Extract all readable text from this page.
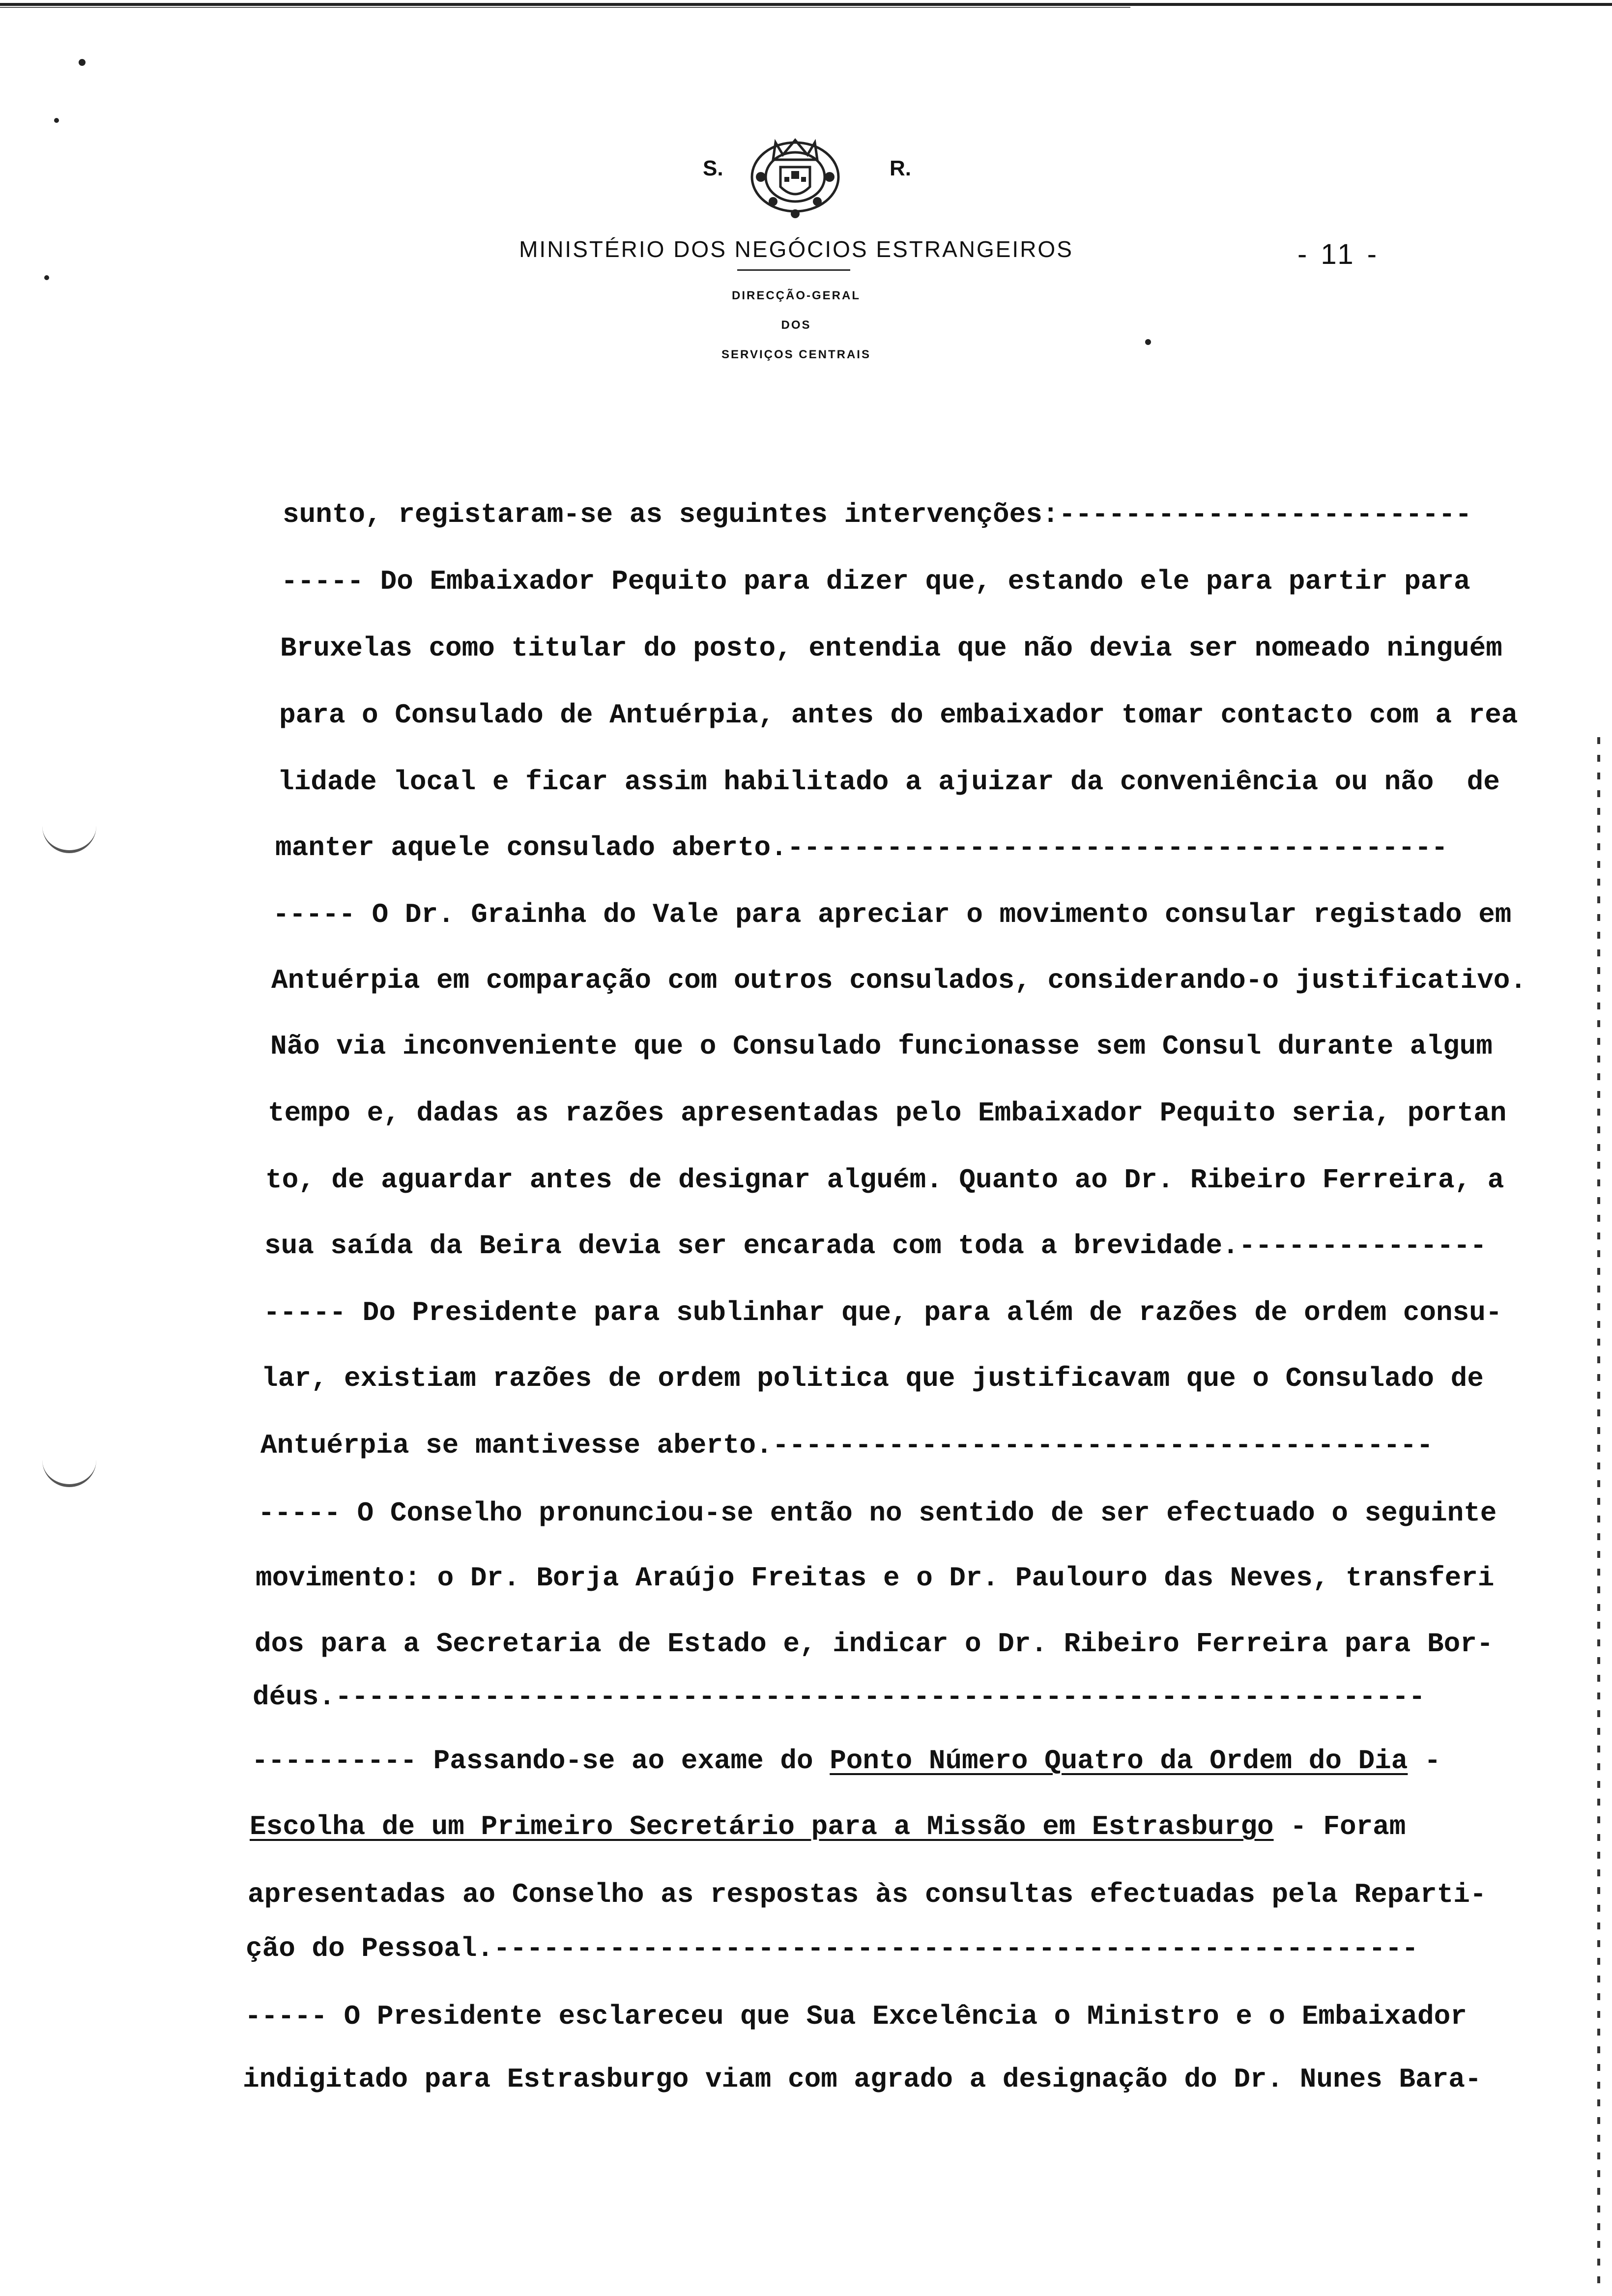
S.	R.
MINISTÉRIO DOS NEGÓCIOS ESTRANGEIROS
DIRECÇÃO-GERAL
DOS
SERVIÇOS CENTRAIS
- 11 -
sunto, registaram-se as seguintes intervenções:-------------------------
----- Do Embaixador Pequito para dizer que, estando ele para partir para
Bruxelas como titular do posto, entendia que não devia ser nomeado ninguém
para o Consulado de Antuérpia, antes do embaixador tomar contacto com a rea
lidade local e ficar assim habilitado a ajuizar da conveniência ou não  de
manter aquele consulado aberto.----------------------------------------
----- O Dr. Grainha do Vale para apreciar o movimento consular registado em
Antuérpia em comparação com outros consulados, considerando-o justificativo.
Não via inconveniente que o Consulado funcionasse sem Consul durante algum
tempo e, dadas as razões apresentadas pelo Embaixador Pequito seria, portan
to, de aguardar antes de designar alguém. Quanto ao Dr. Ribeiro Ferreira, a
sua saída da Beira devia ser encarada com toda a brevidade.---------------
----- Do Presidente para sublinhar que, para além de razões de ordem consu-
lar, existiam razões de ordem politica que justificavam que o Consulado de
Antuérpia se mantivesse aberto.----------------------------------------
----- O Conselho pronunciou-se então no sentido de ser efectuado o seguinte
movimento: o Dr. Borja Araújo Freitas e o Dr. Paulouro das Neves, transferi
dos para a Secretaria de Estado e, indicar o Dr. Ribeiro Ferreira para Bor-
déus.------------------------------------------------------------------
---------- Passando-se ao exame do Ponto Número Quatro da Ordem do Dia -
Escolha de um Primeiro Secretário para a Missão em Estrasburgo - Foram
apresentadas ao Conselho as respostas às consultas efectuadas pela Reparti-
ção do Pessoal.--------------------------------------------------------
----- O Presidente esclareceu que Sua Excelência o Ministro e o Embaixador
indigitado para Estrasburgo viam com agrado a designação do Dr. Nunes Bara-
